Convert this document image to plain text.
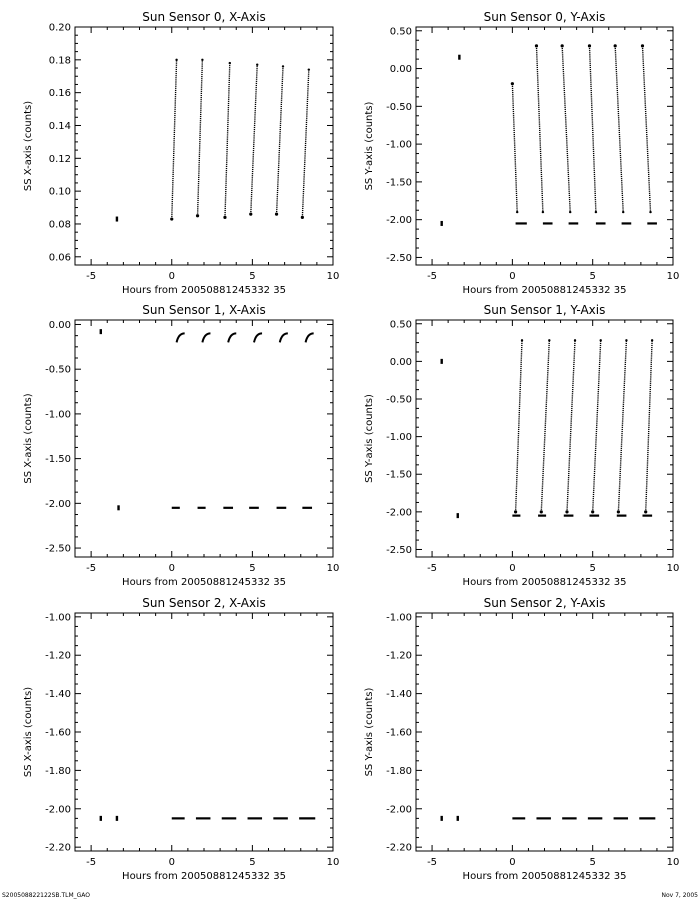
Sun Sensor 0, X-Axis
-5	0	5	10
0.06
0.08
0.10
0.12
0.14
0.16
0.18
0.20
Hours from 20050881245332 35
SS X-axis (counts)
Sun Sensor 0, Y-Axis
-5	0	5	10
0.50
0.00
-0.50
-1.00
-1.50
-2.00
-2.50
Hours from 20050881245332 35
SS Y-axis (counts)
Sun Sensor 1, X-Axis
-5	0	5	10
0.00
-0.50
-1.00
-1.50
-2.00
-2.50
Hours from 20050881245332 35
SS X-axis (counts)
Sun Sensor 1, Y-Axis
-5	0	5	10
0.50
0.00
-0.50
-1.00
-1.50
-2.00
-2.50
Hours from 20050881245332 35
SS Y-axis (counts)
Sun Sensor 2, X-Axis
-5	0	5	10
-1.00
-1.20
-1.40
-1.60
-1.80
-2.00
-2.20
Hours from 20050881245332 35
SS X-axis (counts)
Sun Sensor 2, Y-Axis
-5	0	5	10
-1.00
-1.20
-1.40
-1.60
-1.80
-2.00
-2.20
Hours from 20050881245332 35
SS Y-axis (counts)
S200508822122SB.TLM_GAO	Nov 7, 2005
